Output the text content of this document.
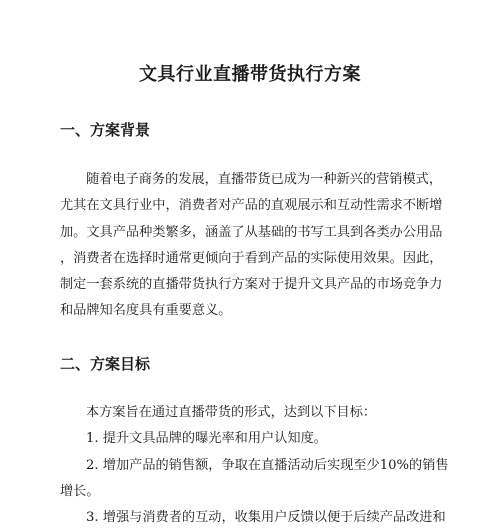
文具行业直播带货执行方案
一、方案背景
随着电子商务的发展，直播带货已成为一种新兴的营销模式，
尤其在文具行业中，消费者对产品的直观展示和互动性需求不断增
加。文具产品种类繁多，涵盖了从基础的书写工具到各类办公用品
，消费者在选择时通常更倾向于看到产品的实际使用效果。因此，
制定一套系统的直播带货执行方案对于提升文具产品的市场竞争力
和品牌知名度具有重要意义。
二、方案目标
本方案旨在通过直播带货的形式，达到以下目标：
1. 提升文具品牌的曝光率和用户认知度。
2. 增加产品的销售额，争取在直播活动后实现至少10%的销售
增长。
3. 增强与消费者的互动，收集用户反馈以便于后续产品改进和
